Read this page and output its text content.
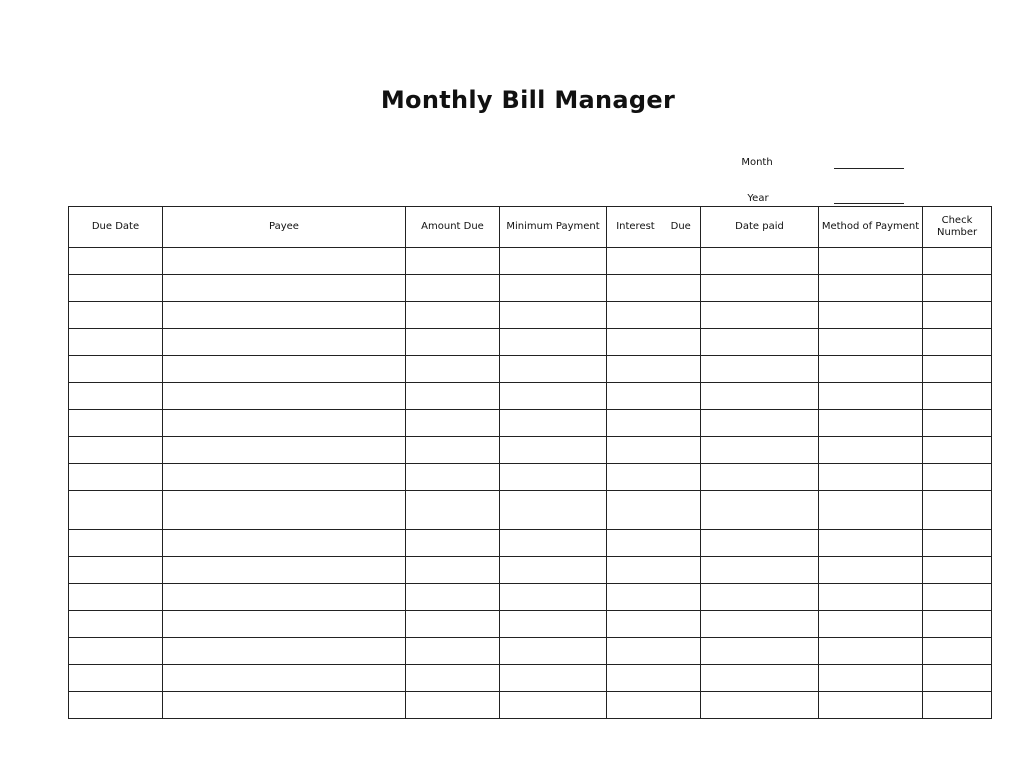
Monthly Bill Manager
Month
Year
Due Date	Payee	Amount Due	Minimum Payment	Interest     Due	Date paid	Method of Payment	Check Number
